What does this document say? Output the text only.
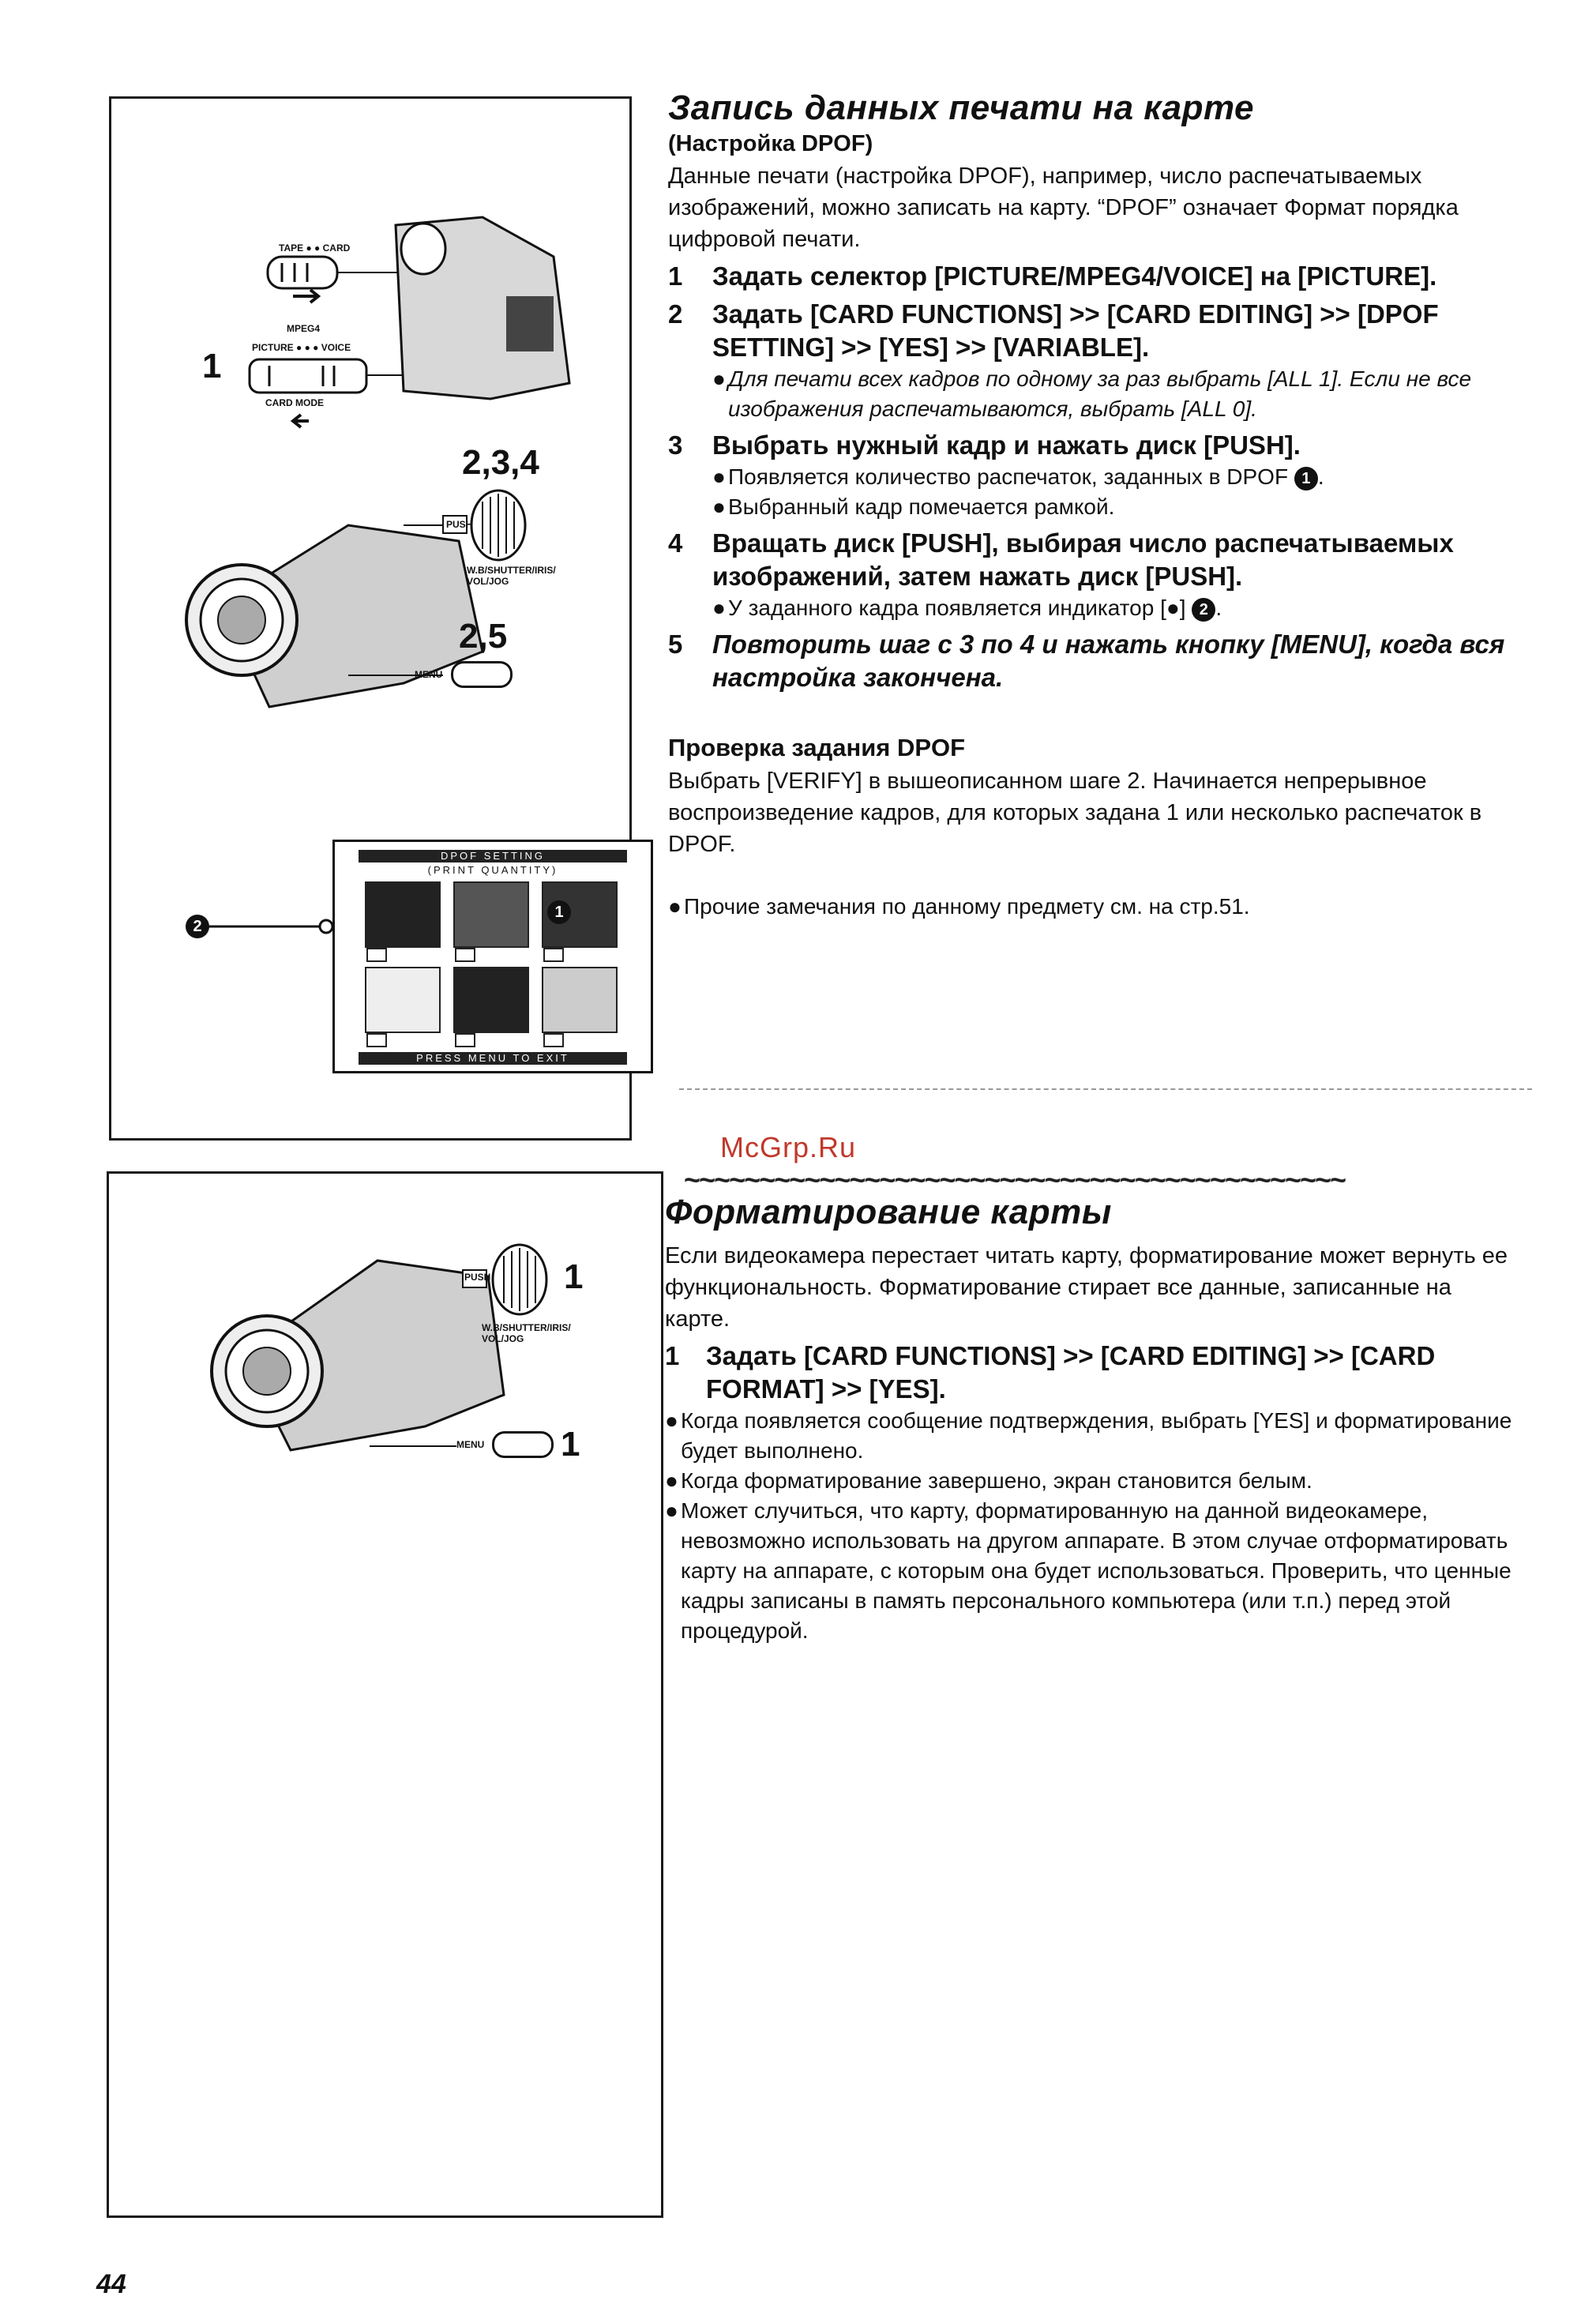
TAPE ● ● CARD
MPEG4
PICTURE ● ● ● VOICE
CARD MODE
1
2,3,4
PUSH
W.B/SHUTTER/IRIS/ VOL/JOG
2,5
MENU
DPOF SETTING
(PRINT QUANTITY)
PRESS MENU TO EXIT
2
1
PUSH
W.B/SHUTTER/IRIS/ VOL/JOG
1
MENU 1
Запись данных печати на карте
(Настройка DPOF)

Данные печати (настройка DPOF), например, число распечатываемых изображений, можно записать на карту. “DPOF” означает Формат порядка цифровой печати.

1	Задать селектор [PICTURE/MPEG4/VOICE] на [PICTURE].
2	Задать [CARD FUNCTIONS] >> [CARD EDITING] >> [DPOF SETTING] >> [YES] >> [VARIABLE].
● Для печати всех кадров по одному за раз выбрать [ALL 1]. Если не все изображения распечатываются, выбрать [ALL 0].
3	Выбрать нужный кадр и нажать диск [PUSH].
● Появляется количество распечаток, заданных в DPOF 1 .
● Выбранный кадр помечается рамкой.
4	Вращать диск [PUSH], выбирая число распечатываемых изображений, затем нажать диск [PUSH].
● У заданного кадра появляется индикатор [●] 2 .
5	Повторить шаг с 3 по 4 и нажать кнопку [MENU], когда вся настройка закончена.
Проверка задания DPOF

Выбрать [VERIFY] в вышеописанном шаге 2. Начинается непрерывное воспроизведение кадров, для которых задана 1 или несколько распечаток в DPOF.

● Прочие замечания по данному предмету см. на стр.51.
McGrp.Ru
~~~~~~~~~~~~~~~~~~~~~~~~~~~~~~~~~~~~~~~~~~~~
Форматирование карты

Если видеокамера перестает читать карту, форматирование может вернуть ее функциональность. Форматирование стирает все данные, записанные на карте.

1	Задать [CARD FUNCTIONS] >> [CARD EDITING] >> [CARD FORMAT] >> [YES].
● Когда появляется сообщение подтверждения, выбрать [YES] и форматирование будет выполнено.
● Когда форматирование завершено, экран становится белым.
● Может случиться, что карту, форматированную на данной видеокамере, невозможно использовать на другом аппарате. В этом случае отформатировать карту на аппарате, с которым она будет использоваться. Проверить, что ценные кадры записаны в память персонального компьютера (или т.п.) перед этой процедурой.
44
